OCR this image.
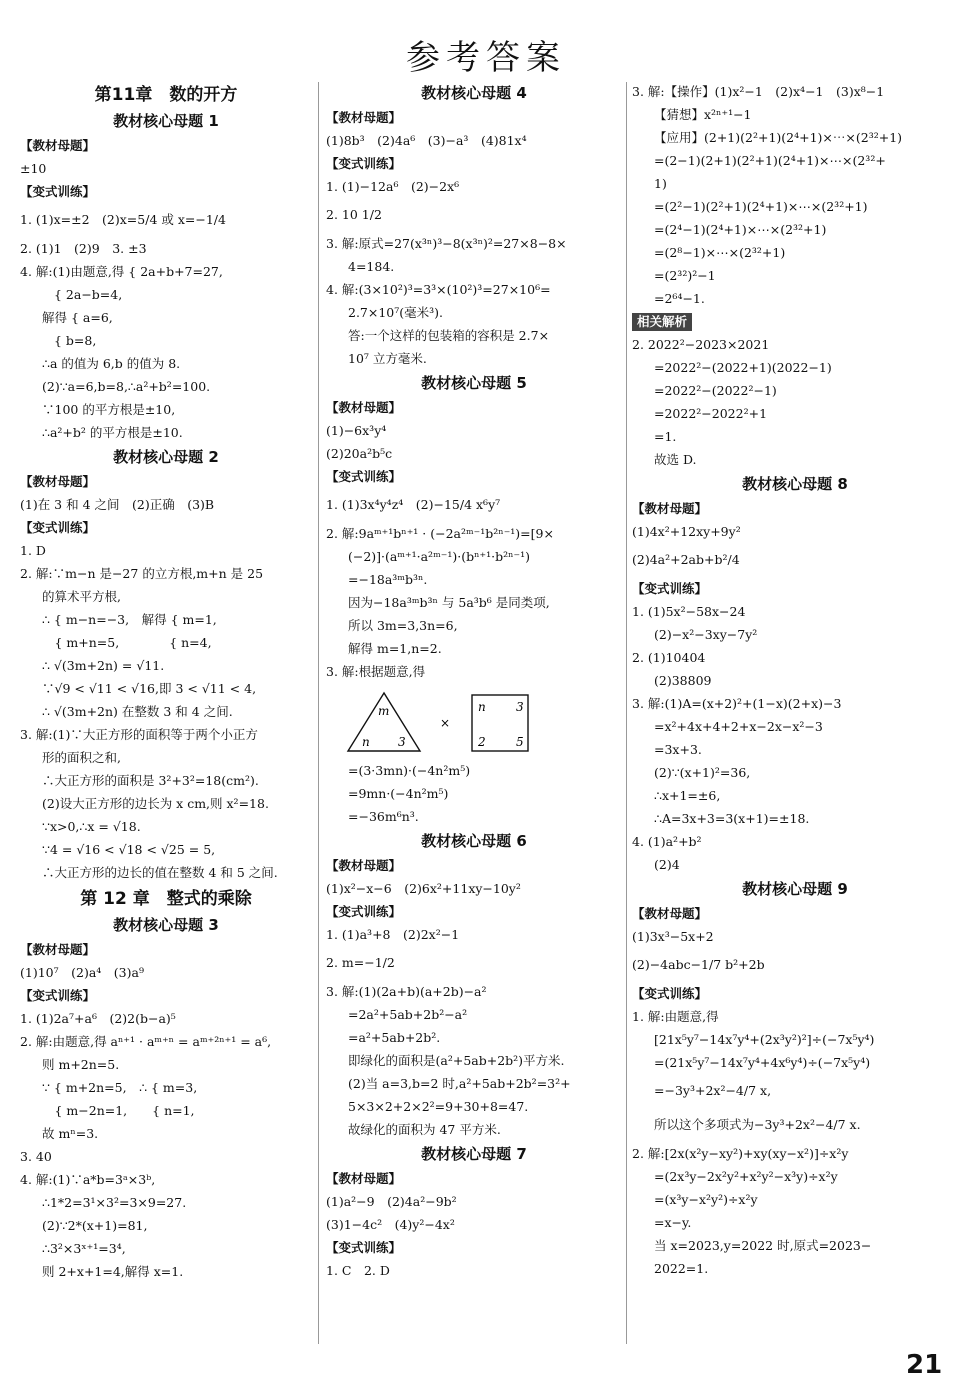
参考答案
第11章　数的开方
教材核心母题 1
【教材母题】
±10
【变式训练】
1. (1)x=±2　(2)x=5/4 或 x=−1/4
2. (1)1　(2)9　3. ±3
4. 解:(1)由题意,得 { 2a+b+7=27,
{ 2a−b=4,
解得 { a=6,
{ b=8,
∴a 的值为 6,b 的值为 8.
(2)∵a=6,b=8,∴a²+b²=100.
∵100 的平方根是±10,
∴a²+b² 的平方根是±10.
教材核心母题 2
【教材母题】
(1)在 3 和 4 之间　(2)正确　(3)B
【变式训练】
1. D
2. 解:∵m−n 是−27 的立方根,m+n 是 25
的算术平方根,
∴ { m−n=−3,　解得 { m=1,
　{ m+n=5,　　　　{ n=4,
∴ √(3m+2n) = √11.
∵√9 < √11 < √16,即 3 < √11 < 4,
∴ √(3m+2n) 在整数 3 和 4 之间.
3. 解:(1)∵大正方形的面积等于两个小正方
形的面积之和,
∴大正方形的面积是 3²+3²=18(cm²).
(2)设大正方形的边长为 x cm,则 x²=18.
∵x>0,∴x = √18.
∵4 = √16 < √18 < √25 = 5,
∴大正方形的边长的值在整数 4 和 5 之间.
第 12 章　整式的乘除
教材核心母题 3
【教材母题】
(1)10⁷　(2)a⁴　(3)a⁹
【变式训练】
1. (1)2a⁷+a⁶　(2)2(b−a)⁵
2. 解:由题意,得 aⁿ⁺¹ · aᵐ⁺ⁿ = aᵐ⁺²ⁿ⁺¹ = a⁶,
则 m+2n=5.
∵ { m+2n=5,　∴ { m=3,
　{ m−2n=1,　　{ n=1,
故 mⁿ=3.
3. 40
4. 解:(1)∵a*b=3ᵃ×3ᵇ,
∴1*2=3¹×3²=3×9=27.
(2)∵2*(x+1)=81,
∴3²×3ˣ⁺¹=3⁴,
则 2+x+1=4,解得 x=1.
教材核心母题 4
【教材母题】
(1)8b³　(2)4a⁶　(3)−a³　(4)81x⁴
【变式训练】
1. (1)−12a⁶　(2)−2x⁶
2. 10 1/2
3. 解:原式=27(x³ⁿ)³−8(x³ⁿ)²=27×8−8×
4=184.
4. 解:(3×10²)³=3³×(10²)³=27×10⁶=
2.7×10⁷(毫米³).
答:一个这样的包装箱的容积是 2.7×
10⁷ 立方毫米.
教材核心母题 5
【教材母题】
(1)−6x³y⁴
(2)20a²b⁵c
【变式训练】
1. (1)3x⁴y⁴z⁴　(2)−15/4 x⁶y⁷
2. 解:9aᵐ⁺¹bⁿ⁺¹ · (−2a²ᵐ⁻¹b²ⁿ⁻¹)=[9×
(−2)]·(aᵐ⁺¹·a²ᵐ⁻¹)·(bⁿ⁺¹·b²ⁿ⁻¹)
=−18a³ᵐb³ⁿ.
因为−18a³ᵐb³ⁿ 与 5a³b⁶ 是同类项,
所以 3m=3,3n=6,
解得 m=1,n=2.
3. 解:根据题意,得
m
n 3
×
n	3
2	5
=(3·3mn)·(−4n²m⁵)
=9mn·(−4n²m⁵)
=−36m⁶n³.
教材核心母题 6
【教材母题】
(1)x²−x−6　(2)6x²+11xy−10y²
【变式训练】
1. (1)a³+8　(2)2x²−1
2. m=−1/2
3. 解:(1)(2a+b)(a+2b)−a²
=2a²+5ab+2b²−a²
=a²+5ab+2b².
即绿化的面积是(a²+5ab+2b²)平方米.
(2)当 a=3,b=2 时,a²+5ab+2b²=3²+
5×3×2+2×2²=9+30+8=47.
故绿化的面积为 47 平方米.
教材核心母题 7
【教材母题】
(1)a²−9　(2)4a²−9b²
(3)1−4c²　(4)y²−4x²
【变式训练】
1. C　2. D
3. 解:【操作】(1)x²−1　(2)x⁴−1　(3)x⁸−1
【猜想】x²ⁿ⁺¹−1
【应用】(2+1)(2²+1)(2⁴+1)×⋯×(2³²+1)
=(2−1)(2+1)(2²+1)(2⁴+1)×⋯×(2³²+
1)
=(2²−1)(2²+1)(2⁴+1)×⋯×(2³²+1)
=(2⁴−1)(2⁴+1)×⋯×(2³²+1)
=(2⁸−1)×⋯×(2³²+1)
=(2³²)²−1
=2⁶⁴−1.
相关解析
2. 2022²−2023×2021
=2022²−(2022+1)(2022−1)
=2022²−(2022²−1)
=2022²−2022²+1
=1.
故选 D.
教材核心母题 8
【教材母题】
(1)4x²+12xy+9y²
(2)4a²+2ab+b²/4
【变式训练】
1. (1)5x²−58x−24
(2)−x²−3xy−7y²
2. (1)10404
(2)38809
3. 解:(1)A=(x+2)²+(1−x)(2+x)−3
=x²+4x+4+2+x−2x−x²−3
=3x+3.
(2)∵(x+1)²=36,
∴x+1=±6,
∴A=3x+3=3(x+1)=±18.
4. (1)a²+b²
(2)4
教材核心母题 9
【教材母题】
(1)3x³−5x+2
(2)−4abc−1/7 b²+2b
【变式训练】
1. 解:由题意,得
[21x⁵y⁷−14x⁷y⁴+(2x³y²)²]÷(−7x⁵y⁴)
=(21x⁵y⁷−14x⁷y⁴+4x⁶y⁴)÷(−7x⁵y⁴)
=−3y³+2x²−4/7 x,
所以这个多项式为−3y³+2x²−4/7 x.
2. 解:[2x(x²y−xy²)+xy(xy−x²)]÷x²y
=(2x³y−2x²y²+x²y²−x³y)÷x²y
=(x³y−x²y²)÷x²y
=x−y.
当 x=2023,y=2022 时,原式=2023−
2022=1.
21
